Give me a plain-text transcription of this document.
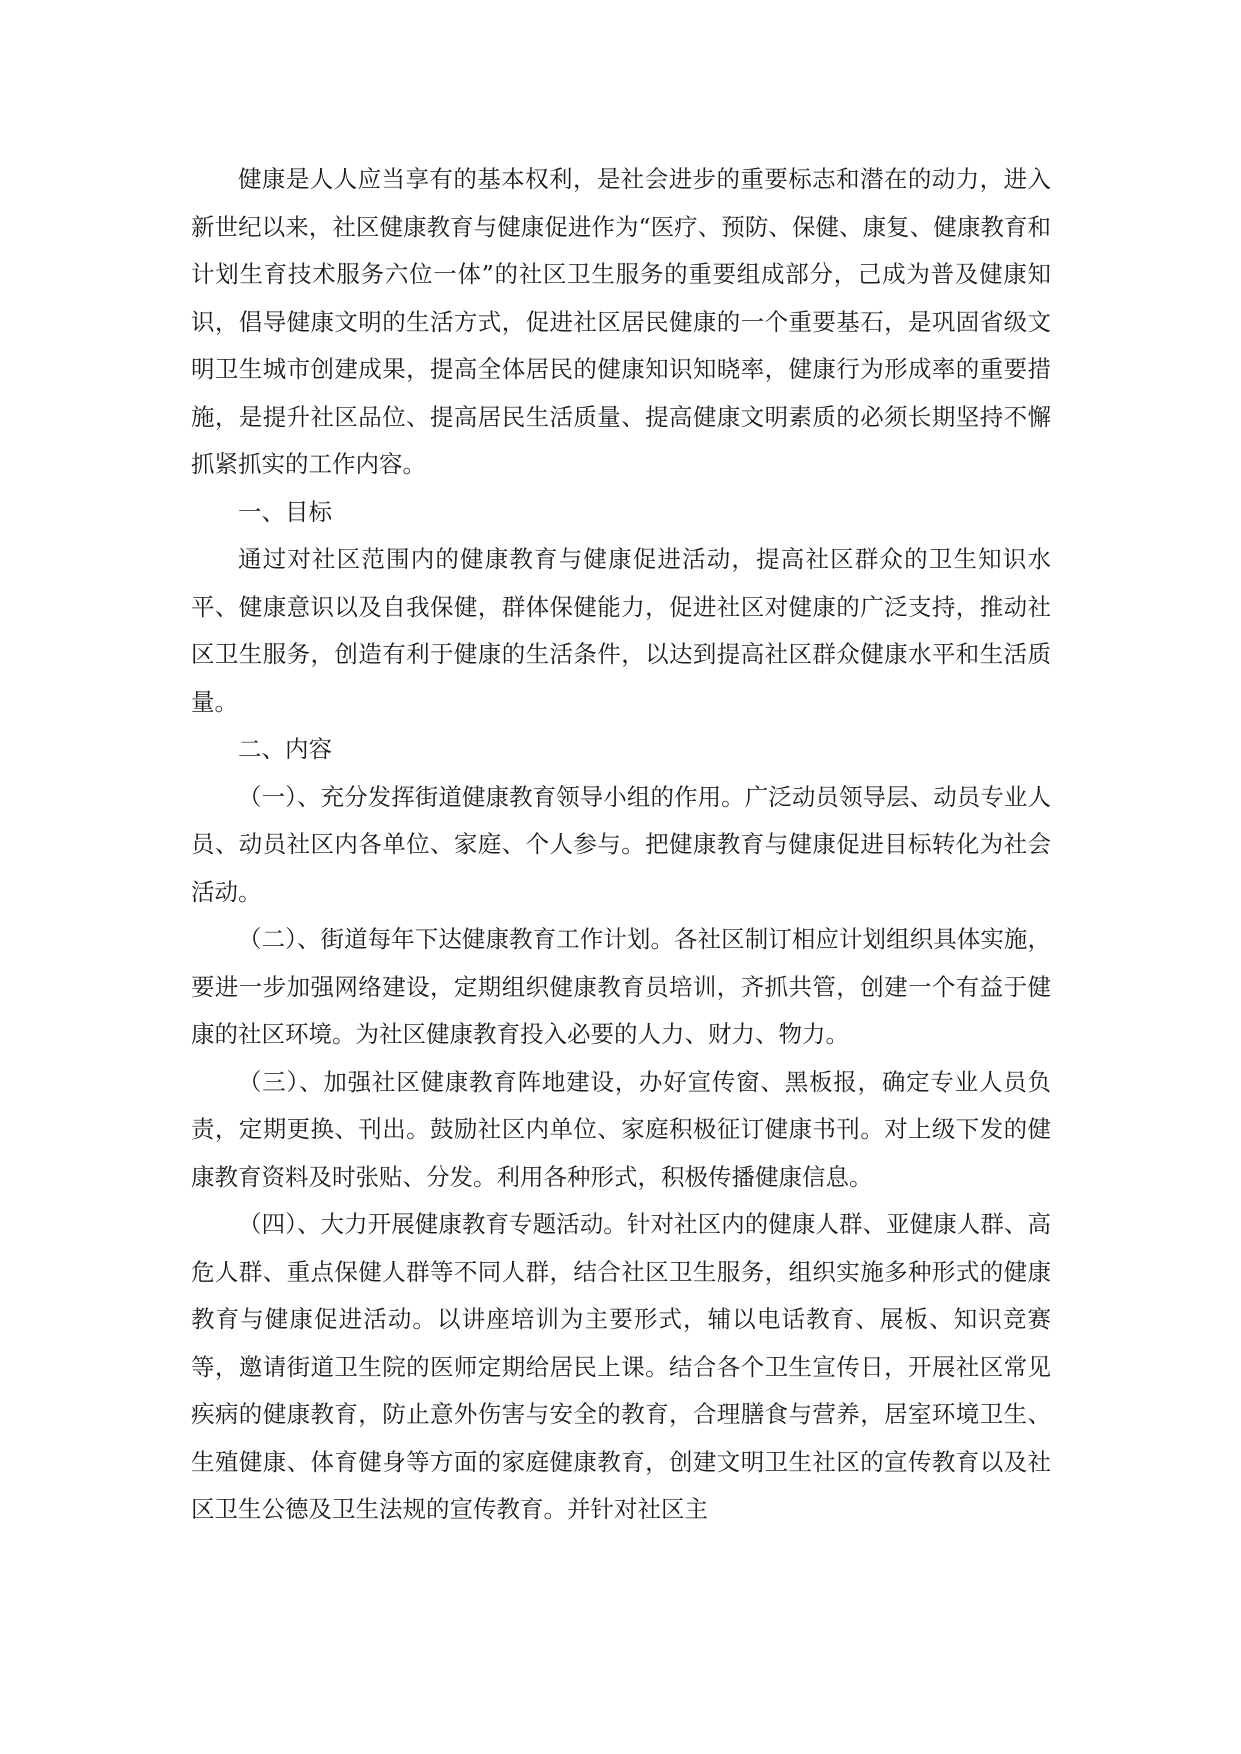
健康是人人应当享有的基本权利，是社会进步的重要标志和潜在的动力，进入新世纪以来，社区健康教育与健康促进作为“医疗、预防、保健、康复、健康教育和计划生育技术服务六位一体”的社区卫生服务的重要组成部分，己成为普及健康知识，倡导健康文明的生活方式，促进社区居民健康的一个重要基石，是巩固省级文明卫生城市创建成果，提高全体居民的健康知识知晓率，健康行为形成率的重要措施，是提升社区品位、提高居民生活质量、提高健康文明素质的必须长期坚持不懈抓紧抓实的工作内容。

一、目标

通过对社区范围内的健康教育与健康促进活动，提高社区群众的卫生知识水平、健康意识以及自我保健，群体保健能力，促进社区对健康的广泛支持，推动社区卫生服务，创造有利于健康的生活条件，以达到提高社区群众健康水平和生活质量。

二、内容

（一）、充分发挥街道健康教育领导小组的作用。广泛动员领导层、动员专业人员、动员社区内各单位、家庭、个人参与。把健康教育与健康促进目标转化为社会活动。

（二）、街道每年下达健康教育工作计划。各社区制订相应计划组织具体实施，要进一步加强网络建设，定期组织健康教育员培训，齐抓共管，创建一个有益于健康的社区环境。为社区健康教育投入必要的人力、财力、物力。

（三）、加强社区健康教育阵地建设，办好宣传窗、黑板报，确定专业人员负责，定期更换、刊出。鼓励社区内单位、家庭积极征订健康书刊。对上级下发的健康教育资料及时张贴、分发。利用各种形式，积极传播健康信息。

（四）、大力开展健康教育专题活动。针对社区内的健康人群、亚健康人群、高危人群、重点保健人群等不同人群，结合社区卫生服务，组织实施多种形式的健康教育与健康促进活动。以讲座培训为主要形式，辅以电话教育、展板、知识竞赛等，邀请街道卫生院的医师定期给居民上课。结合各个卫生宣传日，开展社区常见疾病的健康教育，防止意外伤害与安全的教育，合理膳食与营养，居室环境卫生、生殖健康、体育健身等方面的家庭健康教育，创建文明卫生社区的宣传教育以及社区卫生公德及卫生法规的宣传教育。并针对社区主
